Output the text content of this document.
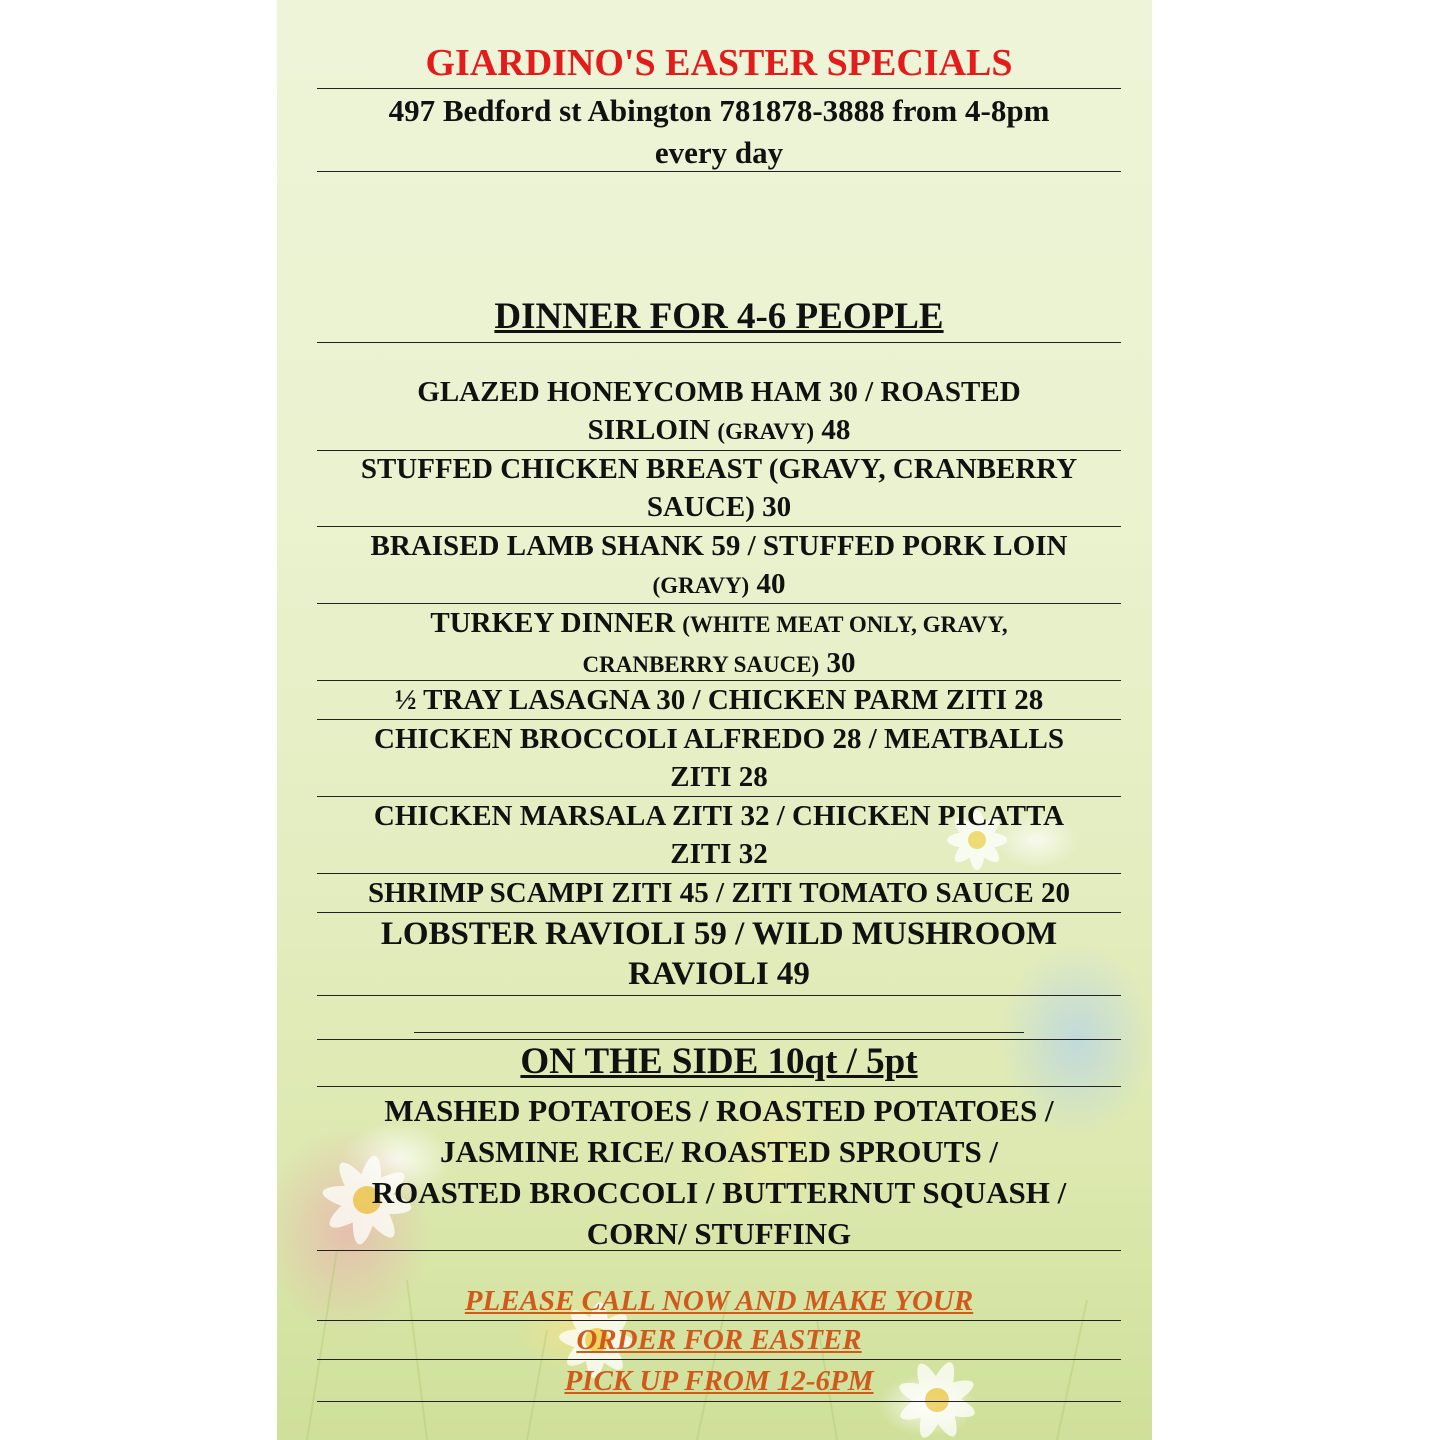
GIARDINO'S EASTER SPECIALS

497 Bedford st Abington 781878-3888 from 4-8pm
every day

DINNER FOR 4-6 PEOPLE

GLAZED HONEYCOMB HAM 30 / ROASTED
SIRLOIN (GRAVY) 48

STUFFED CHICKEN BREAST (GRAVY, CRANBERRY
SAUCE) 30

BRAISED LAMB SHANK 59 / STUFFED PORK LOIN
(GRAVY) 40

TURKEY DINNER (WHITE MEAT ONLY, GRAVY,
CRANBERRY SAUCE) 30

½ TRAY LASAGNA 30 / CHICKEN PARM ZITI 28

CHICKEN BROCCOLI ALFREDO 28 / MEATBALLS
ZITI 28

CHICKEN MARSALA ZITI 32 / CHICKEN PICATTA
ZITI 32

SHRIMP SCAMPI ZITI 45 / ZITI TOMATO SAUCE 20

LOBSTER RAVIOLI 59 / WILD MUSHROOM
RAVIOLI 49

ON THE SIDE 10qt / 5pt

MASHED POTATOES / ROASTED POTATOES /
JASMINE RICE/ ROASTED SPROUTS /
ROASTED BROCCOLI / BUTTERNUT SQUASH /
CORN/ STUFFING

PLEASE CALL NOW AND MAKE YOUR

ORDER FOR EASTER

PICK UP FROM 12-6PM
